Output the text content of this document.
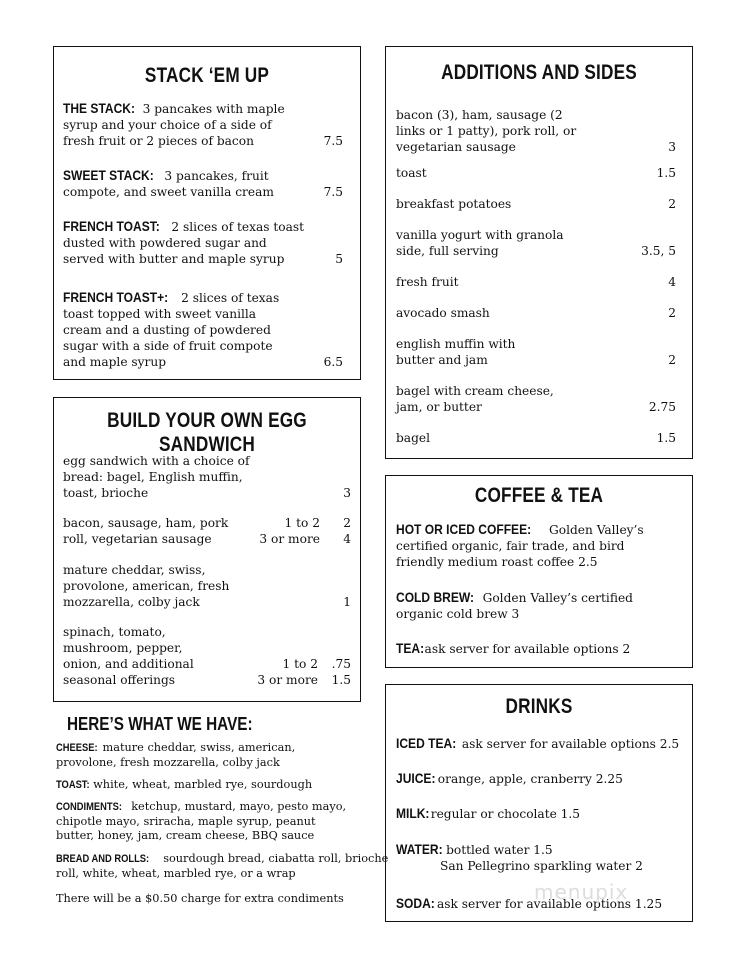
STACK ‘EM UP
THE STACK: 3 pancakes with maple
syrup and your choice of a side of
fresh fruit or 2 pieces of bacon	7.5
SWEET STACK: 3 pancakes, fruit
compote, and sweet vanilla cream	7.5
FRENCH TOAST: 2 slices of texas toast
dusted with powdered sugar and
served with butter and maple syrup	5
FRENCH TOAST+: 2 slices of texas
toast topped with sweet vanilla
cream and a dusting of powdered
sugar with a side of fruit compote
and maple syrup	6.5
BUILD YOUR OWN EGG SANDWICH
egg sandwich with a choice of
bread: bagel, English muffin,
toast, brioche	3
bacon, sausage, ham, pork
roll, vegetarian sausage
1 to 2 2
3 or more 4
mature cheddar, swiss,
provolone, american, fresh
mozzarella, colby jack	1
spinach, tomato,
mushroom, pepper,
onion, and additional
seasonal offerings
1 to 2 .75
3 or more 1.5
HERE’S WHAT WE HAVE:
CHEESE: mature cheddar, swiss, american,
provolone, fresh mozzarella, colby jack
TOAST: white, wheat, marbled rye, sourdough
CONDIMENTS: ketchup, mustard, mayo, pesto mayo,
chipotle mayo, sriracha, maple syrup, peanut
butter, honey, jam, cream cheese, BBQ sauce
BREAD AND ROLLS: sourdough bread, ciabatta roll, brioche
roll, white, wheat, marbled rye, or a wrap
There will be a $0.50 charge for extra condiments
ADDITIONS AND SIDES
bacon (3), ham, sausage (2
links or 1 patty), pork roll, or
vegetarian sausage	3
toast	1.5
breakfast potatoes	2
vanilla yogurt with granola
side, full serving	3.5, 5
fresh fruit	4
avocado smash	2
english muffin with
butter and jam	2
bagel with cream cheese,
jam, or butter	2.75
bagel	1.5
COFFEE & TEA
HOT OR ICED COFFEE: Golden Valley’s
certified organic, fair trade, and bird
friendly medium roast coffee 2.5
COLD BREW: Golden Valley’s certified
organic cold brew 3
TEA: ask server for available options 2
DRINKS
ICED TEA: ask server for available options 2.5
JUICE: orange, apple, cranberry 2.25
MILK: regular or chocolate 1.5
WATER: bottled water 1.5
San Pellegrino sparkling water 2
SODA: ask server for available options 1.25
menupix
